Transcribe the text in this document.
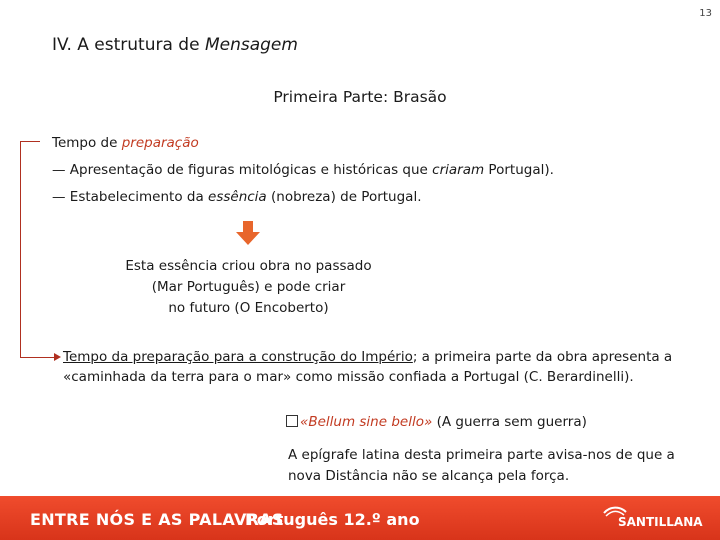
13
IV. A estrutura de Mensagem
Primeira Parte: Brasão
Tempo de preparação
— Apresentação de figuras mitológicas e históricas que criaram Portugal).
— Estabelecimento da essência (nobreza) de Portugal.
Esta essência criou obra no passado
(Mar Português) e pode criar
no futuro (O Encoberto)
Tempo da preparação para a construção do Império; a primeira parte da obra apresenta a «caminhada da terra para o mar» como missão confiada a Portugal (C. Berardinelli).
«Bellum sine bello» (A guerra sem guerra)
A epígrafe latina desta primeira parte avisa-nos de que a nova Distância não se alcança pela força.
ENTRE NÓS E AS PALAVRAS
Português 12.º ano	SANTILLANA
